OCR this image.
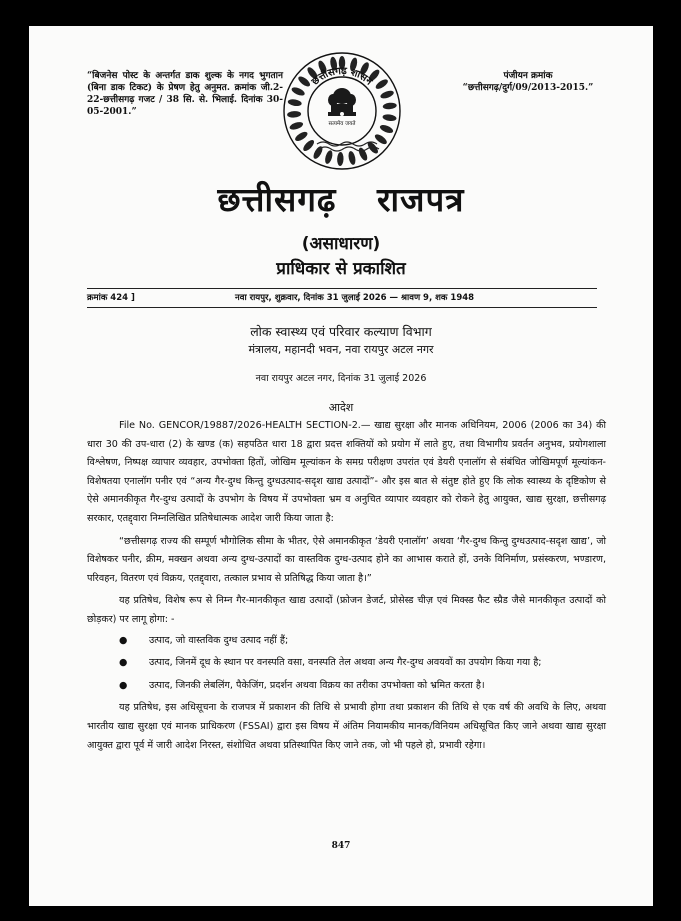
“बिजनेस पोस्ट के अन्तर्गत डाक शुल्क के नगद भुगतान (बिना डाक टिकट) के प्रेषण हेतु अनुमत. क्रमांक जी.2-22-छत्तीसगढ़ गजट / 38 सि. से. भिलाई. दिनांक 30-05-2001.”
छत्तीसगढ़ शासन
सत्यमेव जयते
पंजीयन क्रमांक
“छत्तीसगढ़/दुर्ग/09/2013-2015.”
छत्तीसगढ़ राजपत्र
(असाधारण)
प्राधिकार से प्रकाशित
क्रमांक 424 ]	नवा रायपुर, शुक्रवार, दिनांक 31 जुलाई 2026 — श्रावण 9, शक 1948
लोक स्वास्थ्य एवं परिवार कल्याण विभाग
मंत्रालय, महानदी भवन, नवा रायपुर अटल नगर
नवा रायपुर अटल नगर, दिनांक 31 जुलाई 2026
आदेश

File No. GENCOR/19887/2026-HEALTH SECTION-2.— खाद्य सुरक्षा और मानक अधिनियम, 2006 (2006 का 34) की धारा 30 की उप-धारा (2) के खण्ड (क) सहपठित धारा 18 द्वारा प्रदत्त शक्तियों को प्रयोग में लाते हुए, तथा विभागीय प्रवर्तन अनुभव, प्रयोगशाला विश्लेषण, निष्पक्ष व्यापार व्यवहार, उपभोक्ता हितों, जोखिम मूल्यांकन के समग्र परीक्षण उपरांत एवं डेयरी एनालॉग से संबंधित जोखिमपूर्ण मूल्यांकन-विशेषतया एनालॉग पनीर एवं “अन्य गैर-दुग्ध किन्तु दुग्धउत्पाद-सदृश खाद्य उत्पादों”- और इस बात से संतुष्ट होते हुए कि लोक स्वास्थ्य के दृष्टिकोण से ऐसे अमानकीकृत गैर-दुग्ध उत्पादों के उपभोग के विषय में उपभोक्ता भ्रम व अनुचित व्यापार व्यवहार को रोकने हेतु आयुक्त, खाद्य सुरक्षा, छत्तीसगढ़ सरकार, एतद्द्वारा निम्नलिखित प्रतिषेधात्मक आदेश जारी किया जाता है:

“छत्तीसगढ़ राज्य की सम्पूर्ण भौगोलिक सीमा के भीतर, ऐसे अमानकीकृत ‘डेयरी एनालॉग’ अथवा ‘गैर-दुग्ध किन्तु दुग्धउत्पाद-सदृश खाद्य’, जो विशेषकर पनीर, क्रीम, मक्खन अथवा अन्य दुग्ध-उत्पादों का वास्तविक दुग्ध-उत्पाद होने का आभास कराते हों, उनके विनिर्माण, प्रसंस्करण, भण्डारण, परिवहन, वितरण एवं विक्रय, एतद्द्वारा, तत्काल प्रभाव से प्रतिषिद्ध किया जाता है।”

यह प्रतिषेध, विशेष रूप से निम्न गैर-मानकीकृत खाद्य उत्पादों (फ्रोजन डेजर्ट, प्रोसेस्ड चीज़ एवं मिक्स्ड फैट स्प्रैड जैसे मानकीकृत उत्पादों को छोड़कर) पर लागू होगा: -

● उत्पाद, जो वास्तविक दुग्ध उत्पाद नहीं हैं;
● उत्पाद, जिनमें दूध के स्थान पर वनस्पति वसा, वनस्पति तेल अथवा अन्य गैर-दुग्ध अवयवों का उपयोग किया गया है;
● उत्पाद, जिनकी लेबलिंग, पैकेजिंग, प्रदर्शन अथवा विक्रय का तरीका उपभोक्ता को भ्रमित करता है।

यह प्रतिषेध, इस अधिसूचना के राजपत्र में प्रकाशन की तिथि से प्रभावी होगा तथा प्रकाशन की तिथि से एक वर्ष की अवधि के लिए, अथवा भारतीय खाद्य सुरक्षा एवं मानक प्राधिकरण (FSSAI) द्वारा इस विषय में अंतिम नियामकीय मानक/विनियम अधिसूचित किए जाने अथवा खाद्य सुरक्षा आयुक्त द्वारा पूर्व में जारी आदेश निरस्त, संशोधित अथवा प्रतिस्थापित किए जाने तक, जो भी पहले हो, प्रभावी रहेगा।

847
